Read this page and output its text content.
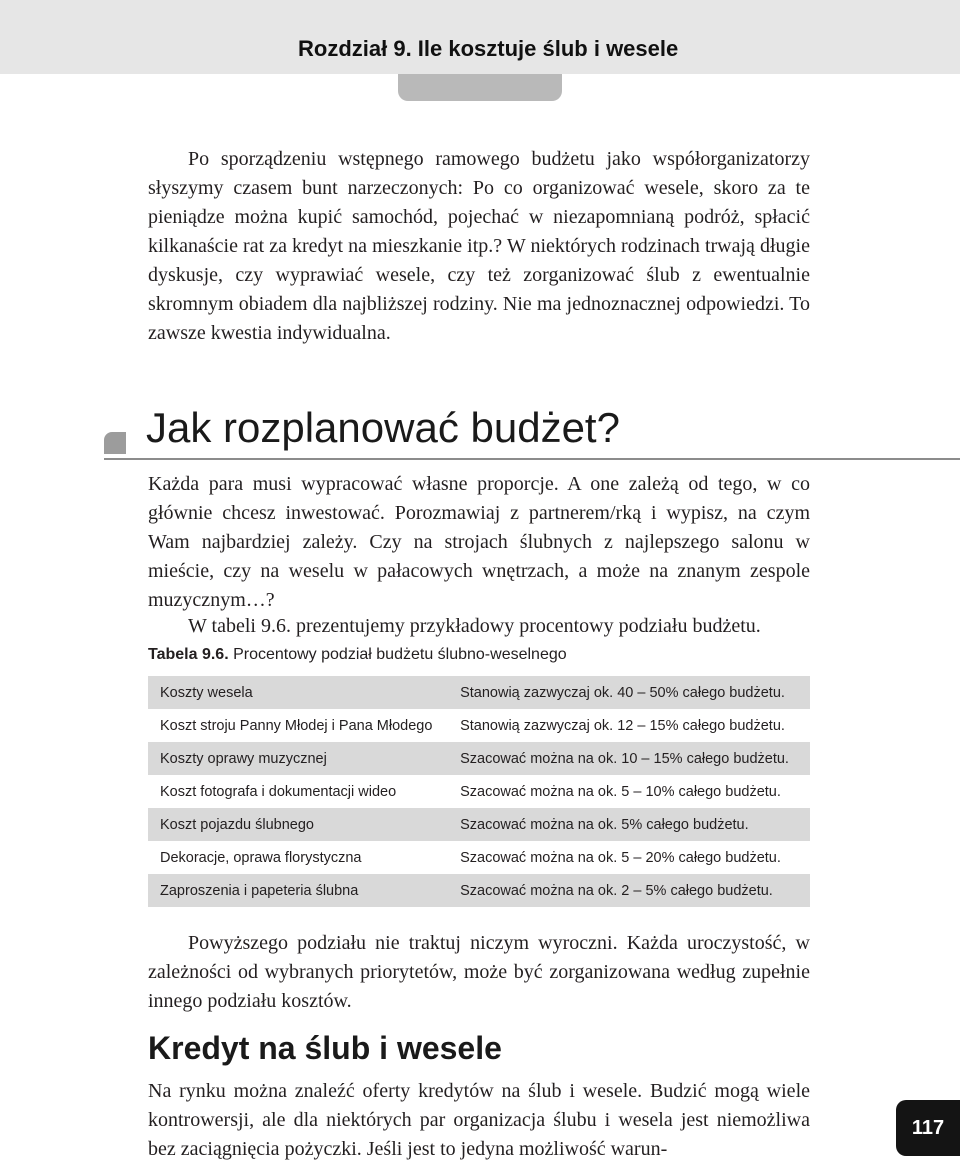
Rozdział 9. Ile kosztuje ślub i wesele

Po sporządzeniu wstępnego ramowego budżetu jako współorganizatorzy słyszymy czasem bunt narzeczonych: Po co organizować wesele, skoro za te pieniądze można kupić samochód, pojechać w niezapomnianą podróż, spłacić kilkanaście rat za kredyt na mieszkanie itp.? W niektórych rodzinach trwają długie dyskusje, czy wyprawiać wesele, czy też zorganizować ślub z ewentualnie skromnym obiadem dla najbliższej rodziny. Nie ma jednoznacznej odpowiedzi. To zawsze kwestia indywidualna.

Jak rozplanować budżet?

Każda para musi wypracować własne proporcje. A one zależą od tego, w co głównie chcesz inwestować. Porozmawiaj z partnerem/rką i wypisz, na czym Wam najbardziej zależy. Czy na strojach ślubnych z najlepszego salonu w mieście, czy na weselu w pałacowych wnętrzach, a może na znanym zespole muzycznym…?

W tabeli 9.6. prezentujemy przykładowy procentowy podziału budżetu.

Tabela 9.6. Procentowy podział budżetu ślubno-weselnego
Koszty wesela	Stanowią zazwyczaj ok. 40 – 50% całego budżetu.
Koszt stroju Panny Młodej i Pana Młodego	Stanowią zazwyczaj ok. 12 – 15% całego budżetu.
Koszty oprawy muzycznej	Szacować można na ok. 10 – 15% całego budżetu.
Koszt fotografa i dokumentacji wideo	Szacować można na ok. 5 – 10% całego budżetu.
Koszt pojazdu ślubnego	Szacować można na ok. 5% całego budżetu.
Dekoracje, oprawa florystyczna	Szacować można na ok. 5 – 20% całego budżetu.
Zaproszenia i papeteria ślubna	Szacować można na ok. 2 – 5% całego budżetu.

Powyższego podziału nie traktuj niczym wyroczni. Każda uroczystość, w zależności od wybranych priorytetów, może być zorganizowana według zupełnie innego podziału kosztów.

Kredyt na ślub i wesele

Na rynku można znaleźć oferty kredytów na ślub i wesele. Budzić mogą wiele kontrowersji, ale dla niektórych par organizacja ślubu i wesela jest niemożliwa bez zaciągnięcia pożyczki. Jeśli jest to jedyna możliwość warun-

117
